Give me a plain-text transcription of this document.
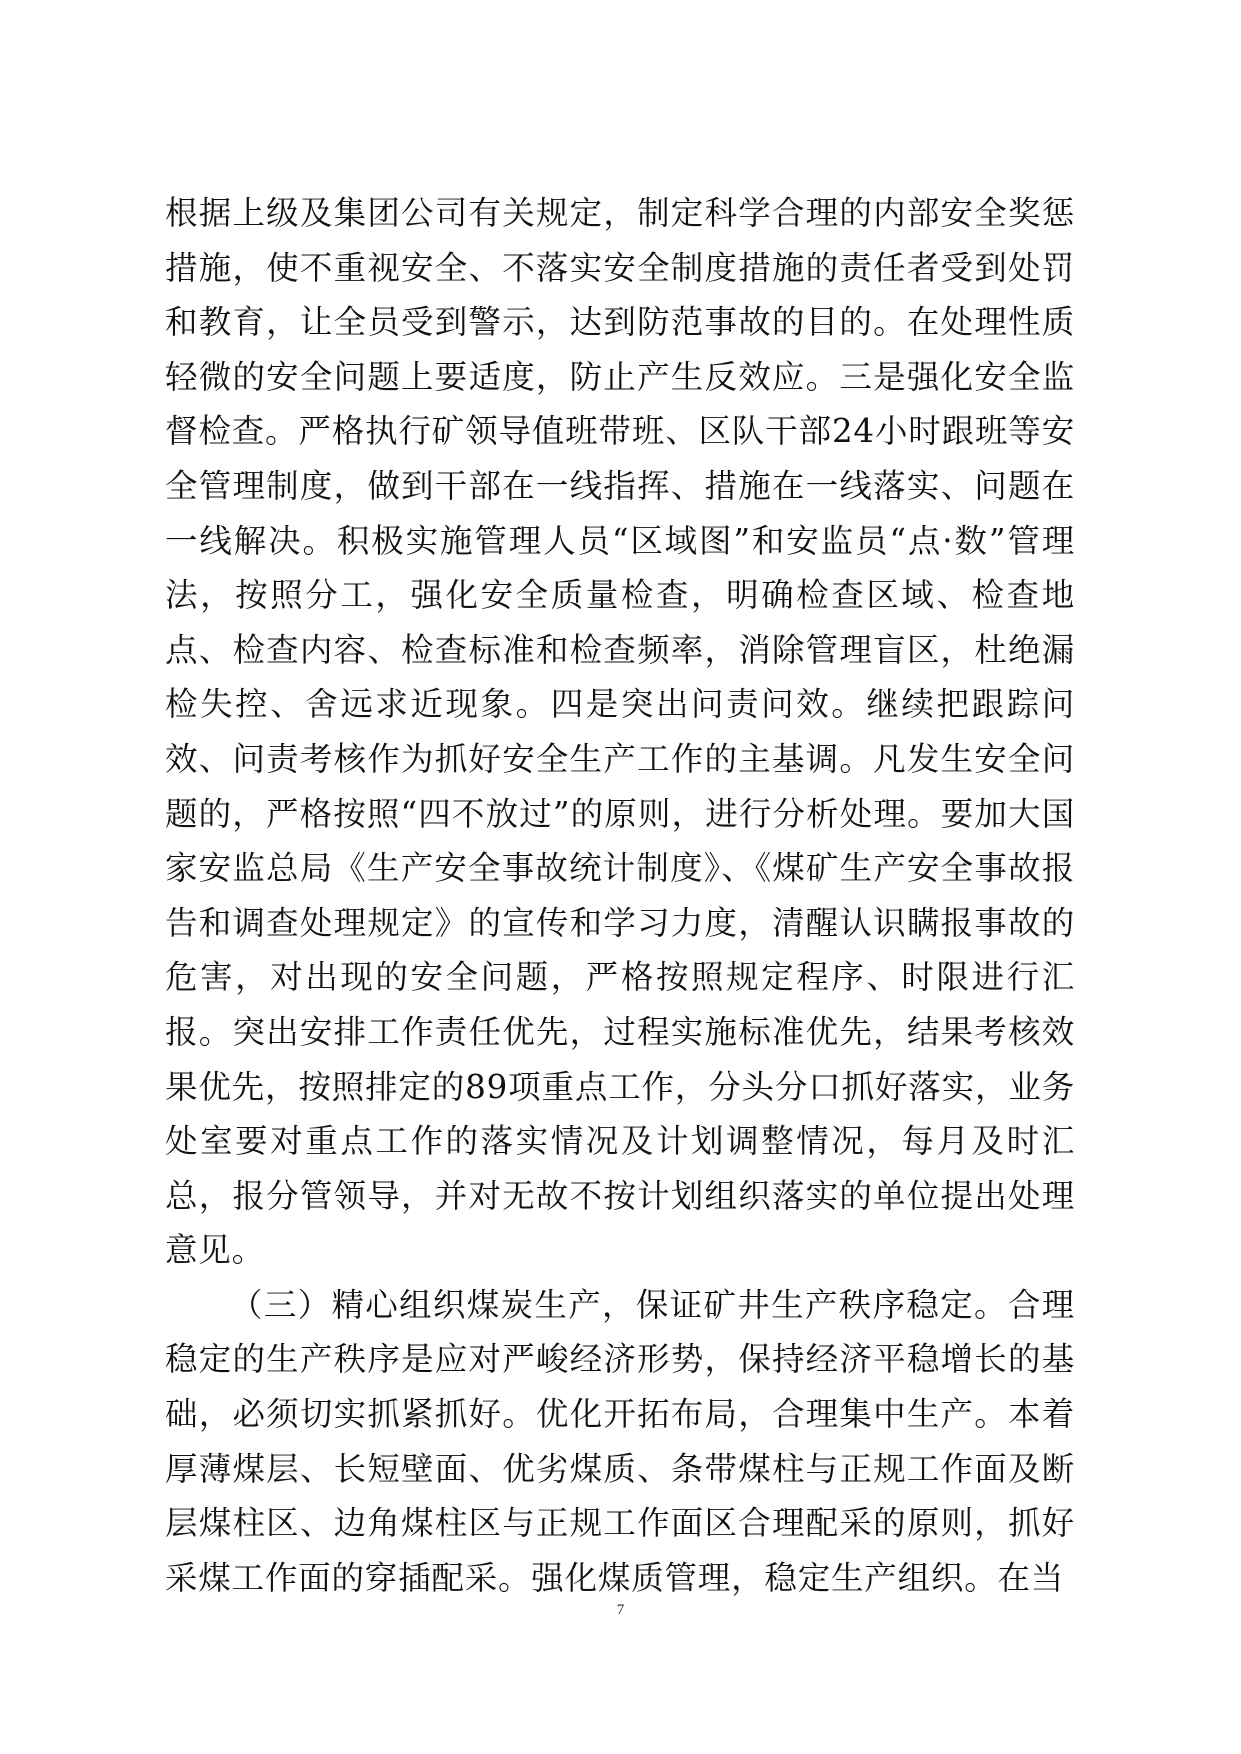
根据上级及集团公司有关规定，制定科学合理的内部安全奖惩措施，使不重视安全、不落实安全制度措施的责任者受到处罚和教育，让全员受到警示，达到防范事故的目的。在处理性质轻微的安全问题上要适度，防止产生反效应。三是强化安全监督检查。严格执行矿领导值班带班、区队干部24小时跟班等安全管理制度，做到干部在一线指挥、措施在一线落实、问题在一线解决。积极实施管理人员“区域图”和安监员“点·数”管理法，按照分工，强化安全质量检查，明确检查区域、检查地点、检查内容、检查标准和检查频率，消除管理盲区，杜绝漏检失控、舍远求近现象。四是突出问责问效。继续把跟踪问效、问责考核作为抓好安全生产工作的主基调。凡发生安全问题的，严格按照“四不放过”的原则，进行分析处理。要加大国家安监总局《生产安全事故统计制度》、《煤矿生产安全事故报告和调查处理规定》的宣传和学习力度，清醒认识瞒报事故的危害，对出现的安全问题，严格按照规定程序、时限进行汇报。突出安排工作责任优先，过程实施标准优先，结果考核效果优先，按照排定的89项重点工作，分头分口抓好落实，业务处室要对重点工作的落实情况及计划调整情况，每月及时汇总，报分管领导，并对无故不按计划组织落实的单位提出处理意见。

（三）精心组织煤炭生产，保证矿井生产秩序稳定。合理稳定的生产秩序是应对严峻经济形势，保持经济平稳增长的基础，必须切实抓紧抓好。优化开拓布局，合理集中生产。本着厚薄煤层、长短壁面、优劣煤质、条带煤柱与正规工作面及断层煤柱区、边角煤柱区与正规工作面区合理配采的原则，抓好采煤工作面的穿插配采。强化煤质管理，稳定生产组织。在当

7
